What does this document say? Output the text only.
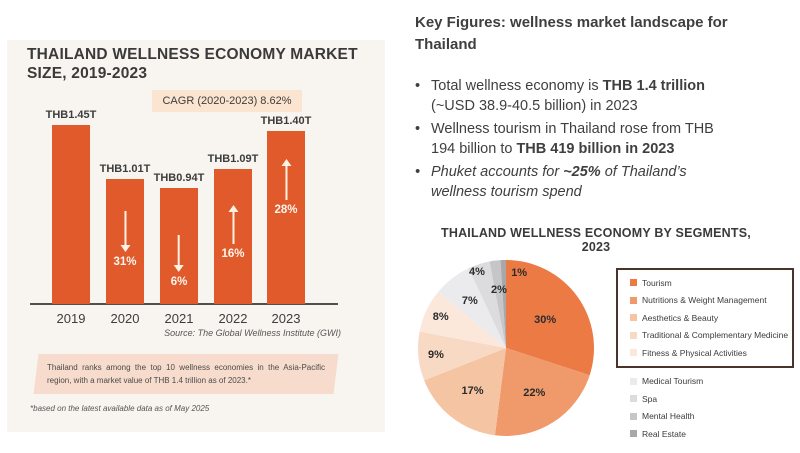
THAILAND WELLNESS ECONOMY MARKET SIZE, 2019-2023
CAGR (2020-2023) 8.62%
THB1.45T
2019
THB1.01T
2020
31%
THB0.94T
2021
6%
THB1.09T
2022
16%
THB1.40T
2023
28%
Source: The Global Wellness Institute (GWI)
Thailand ranks among the top 10 wellness economies in the Asia-Pacific region, with a market value of THB 1.4 trillion as of 2023.*
*based on the latest available data as of May 2025
Key Figures: wellness market landscape for Thailand
• Total wellness economy is THB 1.4 trillion (~USD 38.9-40.5 billion) in 2023
• Wellness tourism in Thailand rose from THB 194 billion to THB 419 billion in 2023
• Phuket accounts for ~25% of Thailand’s wellness tourism spend
THAILAND WELLNESS ECONOMY BY SEGMENTS, 2023
30%
22%
17%
9%
8%
7%
4%
2%
1%
Tourism
Nutritions & Weight Management
Aesthetics & Beauty
Traditional & Complementary Medicine
Fitness & Physical Activities
Medical Tourism
Spa
Mental Health
Real Estate
